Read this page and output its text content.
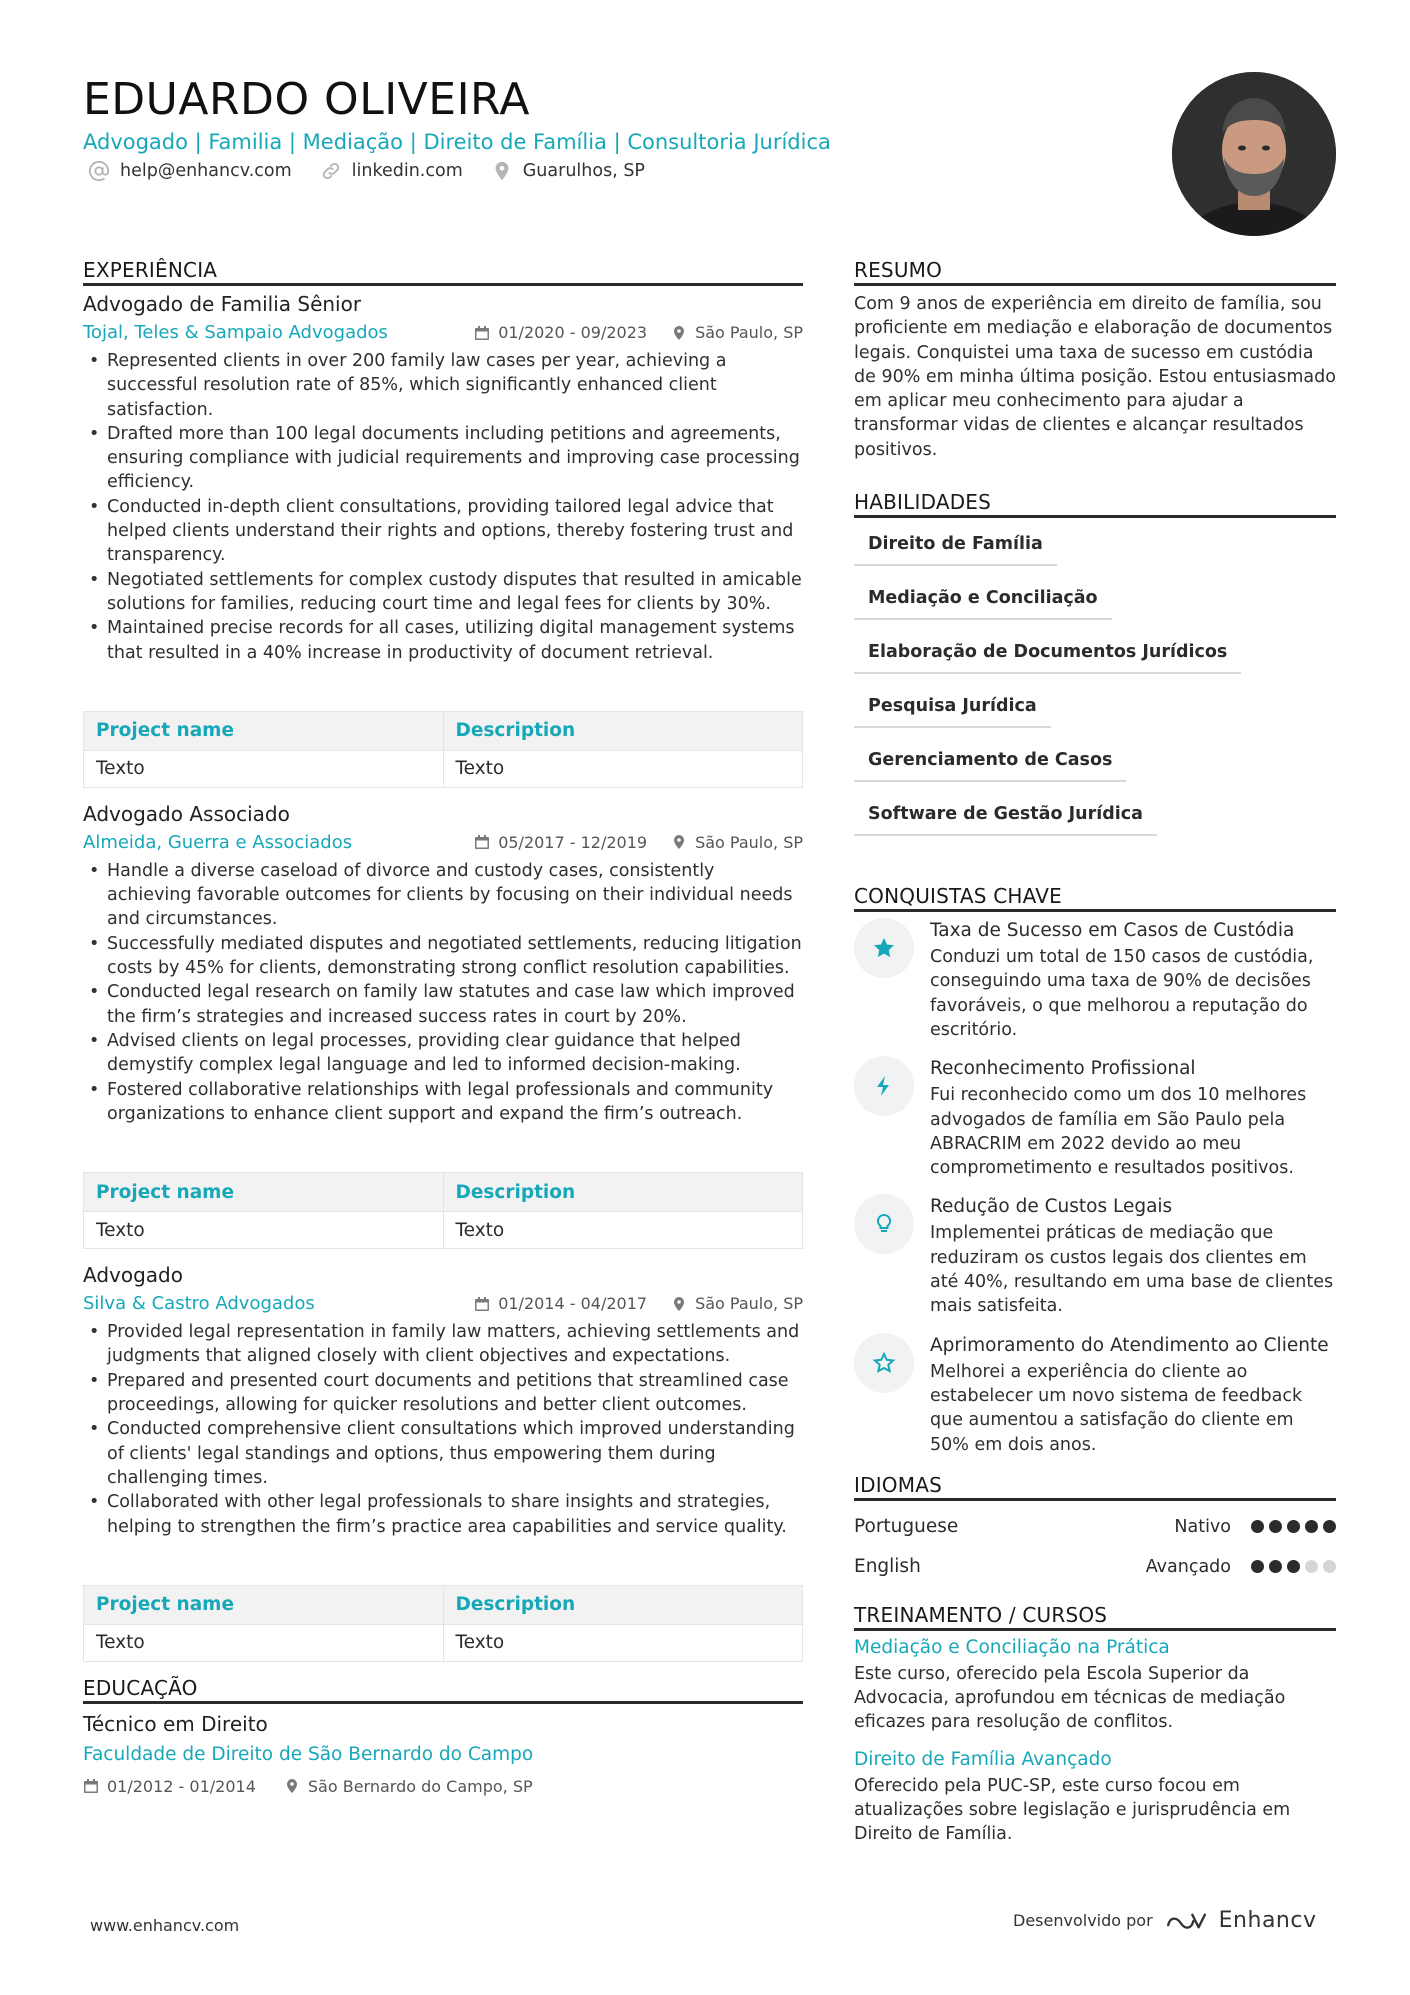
EDUARDO OLIVEIRA
Advogado | Familia | Mediação | Direito de Família | Consultoria Jurídica
help@enhancv.com	linkedin.com	Guarulhos, SP
EXPERIÊNCIA
Advogado de Familia Sênior
Tojal, Teles & Sampaio Advogados	01/2020 - 09/2023	São Paulo, SP
• Represented clients in over 200 family law cases per year, achieving a successful resolution rate of 85%, which significantly enhanced client satisfaction.
• Drafted more than 100 legal documents including petitions and agreements, ensuring compliance with judicial requirements and improving case processing efficiency.
• Conducted in-depth client consultations, providing tailored legal advice that helped clients understand their rights and options, thereby fostering trust and transparency.
• Negotiated settlements for complex custody disputes that resulted in amicable solutions for families, reducing court time and legal fees for clients by 30%.
• Maintained precise records for all cases, utilizing digital management systems that resulted in a 40% increase in productivity of document retrieval.
Project name	Description
Texto	Texto
Advogado Associado
Almeida, Guerra e Associados	05/2017 - 12/2019	São Paulo, SP
• Handle a diverse caseload of divorce and custody cases, consistently achieving favorable outcomes for clients by focusing on their individual needs and circumstances.
• Successfully mediated disputes and negotiated settlements, reducing litigation costs by 45% for clients, demonstrating strong conflict resolution capabilities.
• Conducted legal research on family law statutes and case law which improved the firm’s strategies and increased success rates in court by 20%.
• Advised clients on legal processes, providing clear guidance that helped demystify complex legal language and led to informed decision-making.
• Fostered collaborative relationships with legal professionals and community organizations to enhance client support and expand the firm’s outreach.
Project name	Description
Texto	Texto
Advogado
Silva & Castro Advogados	01/2014 - 04/2017	São Paulo, SP
• Provided legal representation in family law matters, achieving settlements and judgments that aligned closely with client objectives and expectations.
• Prepared and presented court documents and petitions that streamlined case proceedings, allowing for quicker resolutions and better client outcomes.
• Conducted comprehensive client consultations which improved understanding of clients' legal standings and options, thus empowering them during challenging times.
• Collaborated with other legal professionals to share insights and strategies, helping to strengthen the firm’s practice area capabilities and service quality.
Project name	Description
Texto	Texto
EDUCAÇÃO
Técnico em Direito
Faculdade de Direito de São Bernardo do Campo
01/2012 - 01/2014	São Bernardo do Campo, SP
RESUMO
Com 9 anos de experiência em direito de família, sou proficiente em mediação e elaboração de documentos legais. Conquistei uma taxa de sucesso em custódia de 90% em minha última posição. Estou entusiasmado em aplicar meu conhecimento para ajudar a transformar vidas de clientes e alcançar resultados positivos.
HABILIDADES
Direito de Família
Mediação e Conciliação
Elaboração de Documentos Jurídicos
Pesquisa Jurídica
Gerenciamento de Casos
Software de Gestão Jurídica
CONQUISTAS CHAVE
Taxa de Sucesso em Casos de Custódia
Conduzi um total de 150 casos de custódia, conseguindo uma taxa de 90% de decisões favoráveis, o que melhorou a reputação do escritório.
Reconhecimento Profissional
Fui reconhecido como um dos 10 melhores advogados de família em São Paulo pela ABRACRIM em 2022 devido ao meu comprometimento e resultados positivos.
Redução de Custos Legais
Implementei práticas de mediação que reduziram os custos legais dos clientes em até 40%, resultando em uma base de clientes mais satisfeita.
Aprimoramento do Atendimento ao Cliente
Melhorei a experiência do cliente ao estabelecer um novo sistema de feedback que aumentou a satisfação do cliente em 50% em dois anos.
IDIOMAS
Portuguese	Nativo
English	Avançado
TREINAMENTO / CURSOS
Mediação e Conciliação na Prática
Este curso, oferecido pela Escola Superior da Advocacia, aprofundou em técnicas de mediação eficazes para resolução de conflitos.
Direito de Família Avançado
Oferecido pela PUC-SP, este curso focou em atualizações sobre legislação e jurisprudência em Direito de Família.
www.enhancv.com	Desenvolvido por	Enhancv
